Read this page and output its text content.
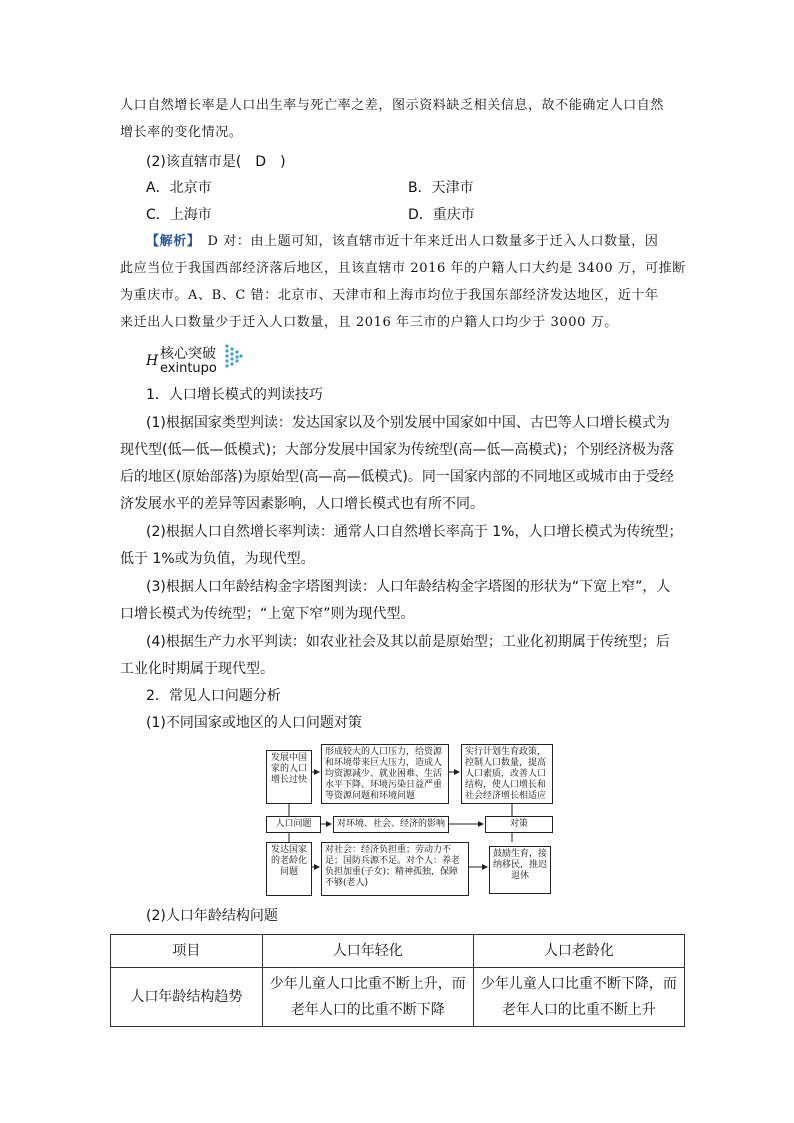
人口自然增长率是人口出生率与死亡率之差，图示资料缺乏相关信息，故不能确定人口自然
增长率的变化情况。
(2)该直辖市是(　D　)
A．北京市	B．天津市
C．上海市	D．重庆市
【解析】　D 对：由上题可知，该直辖市近十年来迁出人口数量多于迁入人口数量，因
此应当位于我国西部经济落后地区，且该直辖市 2016 年的户籍人口大约是 3400 万，可推断
为重庆市。A、B、C 错：北京市、天津市和上海市均位于我国东部经济发达地区，近十年
来迁出人口数量少于迁入人口数量，且 2016 年三市的户籍人口均少于 3000 万。
H 核心突破
exintupo
1．人口增长模式的判读技巧
(1)根据国家类型判读：发达国家以及个别发展中国家如中国、古巴等人口增长模式为
现代型(低—低—低模式)；大部分发展中国家为传统型(高—低—高模式)；个别经济极为落
后的地区(原始部落)为原始型(高—高—低模式)。同一国家内部的不同地区或城市由于受经
济发展水平的差异等因素影响，人口增长模式也有所不同。
(2)根据人口自然增长率判读：通常人口自然增长率高于 1%，人口增长模式为传统型；
低于 1%或为负值，为现代型。
(3)根据人口年龄结构金字塔图判读：人口年龄结构金字塔图的形状为“下宽上窄”，人
口增长模式为传统型；“上宽下窄”则为现代型。
(4)根据生产力水平判读：如农业社会及其以前是原始型；工业化初期属于传统型；后
工业化时期属于现代型。
2．常见人口问题分析
(1)不同国家或地区的人口问题对策
发展中国家的人口增长过快
形成较大的人口压力，给资源和环境带来巨大压力，造成人均资源减少、就业困难、生活水平下降、环境污染日益严重等资源问题和环境问题
实行计划生育政策，控制人口数量，提高人口素质，改善人口结构，使人口增长和社会经济增长相适应
人口问题	对环境、社会、经济的影响	对策
发达国家的老龄化问题
对社会：经济负担重；劳动力不足；国防兵源不足。对个人：养老负担加重(子女)；精神孤独，保障不够(老人)
鼓励生育，接纳移民，推迟退休
(2)人口年龄结构问题
项目	人口年轻化	人口老龄化
人口年龄结构趋势	少年儿童人口比重不断上升，而老年人口的比重不断下降	少年儿童人口比重不断下降，而老年人口的比重不断上升
